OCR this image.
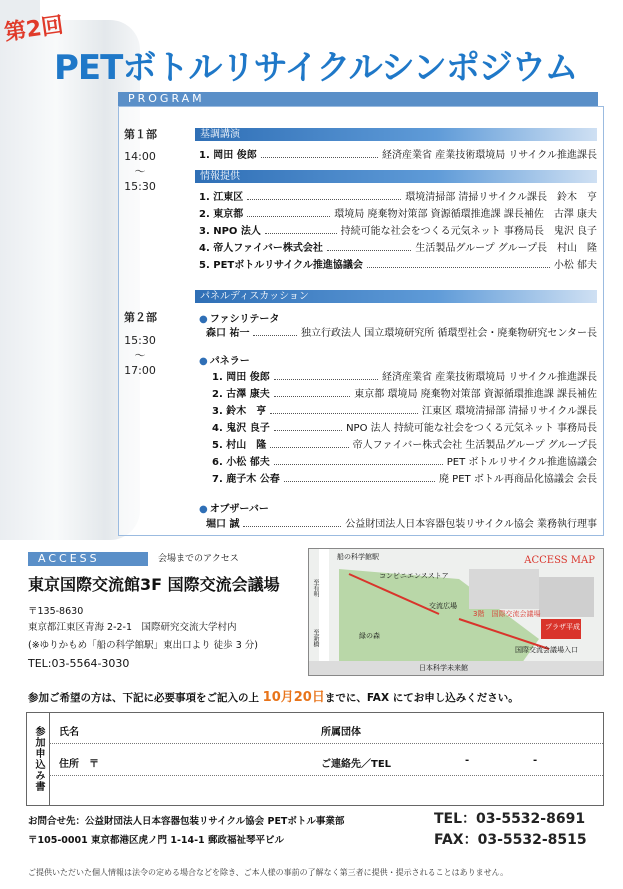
第2回
PETボトルリサイクルシンポジウム
PROGRAM
第１部
14:00
〜
15:30
基調講演
1. 岡田 俊郎	経済産業省 産業技術環境局 リサイクル推進課長
情報提供
1. 江東区	環境清掃部 清掃リサイクル課長　鈴木　亨
2. 東京都	環境局 廃棄物対策部 資源循環推進課 課長補佐　古澤 康夫
3. NPO 法人	持続可能な社会をつくる元気ネット 事務局長　鬼沢 良子
4. 帝人ファイバー株式会社	生活製品グループ グループ長　村山　隆
5. PETボトルリサイクル推進協議会	小松 郁夫
第２部
15:30
〜
17:00
パネルディスカッション
● ファシリテータ
森口 祐一	独立行政法人 国立環境研究所 循環型社会・廃棄物研究センター長
● パネラー
1. 岡田 俊郎	経済産業省 産業技術環境局 リサイクル推進課長
2. 古澤 康夫	東京都 環境局 廃棄物対策部 資源循環推進課 課長補佐
3. 鈴木　亨	江東区 環境清掃部 清掃リサイクル課長
4. 鬼沢 良子	NPO 法人 持続可能な社会をつくる元気ネット 事務局長
5. 村山　隆	帝人ファイバー株式会社 生活製品グループ グループ長
6. 小松 郁夫	PET ボトルリサイクル推進協議会
7. 鹿子木 公春	廃 PET ボトル再商品化協議会 会長
● オブザーバー
堀口 誠	公益財団法人日本容器包装リサイクル協会 業務執行理事
ACCESS	会場までのアクセス
東京国際交流館3F 国際交流会議場
〒135-8630
東京都江東区青海 2-2-1　国際研究交流大学村内
(※ゆりかもめ「船の科学館駅」東出口より 徒歩 3 分)
TEL:03-5564-3030
ACCESS MAP
船の科学館駅
コンビニエンスストア
交流広場
3階　国際交流会議場
緑の森
プラザ平成
国際交流会議場入口
日本科学未来館
至有明
至新橋
参加ご希望の方は、下記に必要事項をご記入の上 10月20日までに、FAX にてお申し込みください。
参加申込み書	氏名	所属団体
住所　〒	ご連絡先／TEL	-	-
お問合せ先：公益財団法人日本容器包装リサイクル協会 PETボトル事業部
〒105-0001 東京都港区虎ノ門 1-14-1 郵政福祉琴平ビル
TEL：03-5532-8691
FAX：03-5532-8515
ご提供いただいた個人情報は法令の定める場合などを除き、ご本人様の事前の了解なく第三者に提供・提示されることはありません。
